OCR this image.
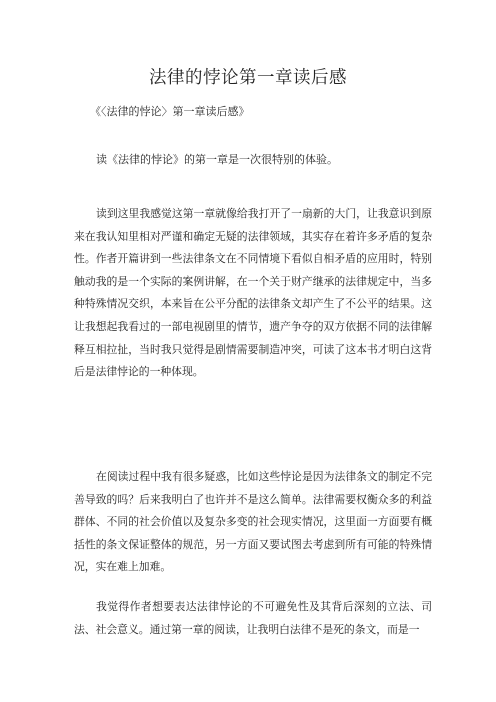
法律的悖论第一章读后感
《〈法律的悖论〉第一章读后感》
读《法律的悖论》的第一章是一次很特别的体验。

读到这里我感觉这第一章就像给我打开了一扇新的大门，让我意识到原来在我认知里相对严谨和确定无疑的法律领域，其实存在着许多矛盾的复杂性。作者开篇讲到一些法律条文在不同情境下看似自相矛盾的应用时，特别触动我的是一个实际的案例讲解，在一个关于财产继承的法律规定中，当多种特殊情况交织，本来旨在公平分配的法律条文却产生了不公平的结果。这让我想起我看过的一部电视剧里的情节，遗产争夺的双方依据不同的法律解释互相拉扯，当时我只觉得是剧情需要制造冲突，可读了这本书才明白这背后是法律悖论的一种体现。

在阅读过程中我有很多疑惑，比如这些悖论是因为法律条文的制定不完善导致的吗？后来我明白了也许并不是这么简单。法律需要权衡众多的利益群体、不同的社会价值以及复杂多变的社会现实情况，这里面一方面要有概括性的条文保证整体的规范，另一方面又要试图去考虑到所有可能的特殊情况，实在难上加难。

我觉得作者想要表达法律悖论的不可避免性及其背后深刻的立法、司法、社会意义。通过第一章的阅读，让我明白法律不是死的条文，而是一
